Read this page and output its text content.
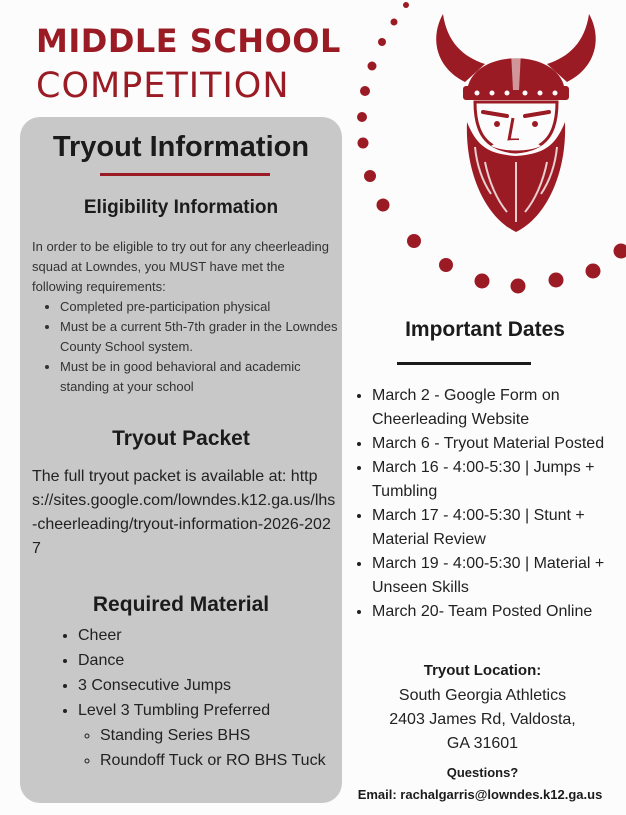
MIDDLE SCHOOL
COMPETITION
Tryout Information
Eligibility Information
In order to be eligible to try out for any cheerleading squad at Lowndes, you MUST have met the following requirements:
• Completed pre-participation physical
• Must be a current 5th-7th grader in the Lowndes County School system.
• Must be in good behavioral and academic standing at your school
Tryout Packet
The full tryout packet is available at: https://sites.google.com/lowndes.k12.ga.us/lhs-cheerleading/tryout-information-2026-2027
Required Material
• Cheer
• Dance
• 3 Consecutive Jumps
• Level 3 Tumbling Preferred
◦ Standing Series BHS
◦ Roundoff Tuck or RO BHS Tuck
Important Dates
• March 2 - Google Form on Cheerleading Website
• March 6 - Tryout Material Posted
• March 16 - 4:00-5:30 | Jumps + Tumbling
• March 17 - 4:00-5:30 | Stunt + Material Review
• March 19 - 4:00-5:30 | Material + Unseen Skills
• March 20- Team Posted Online
Tryout Location:
South Georgia Athletics
2403 James Rd, Valdosta,
GA 31601
Questions?
Email: rachalgarris@lowndes.k12.ga.us
